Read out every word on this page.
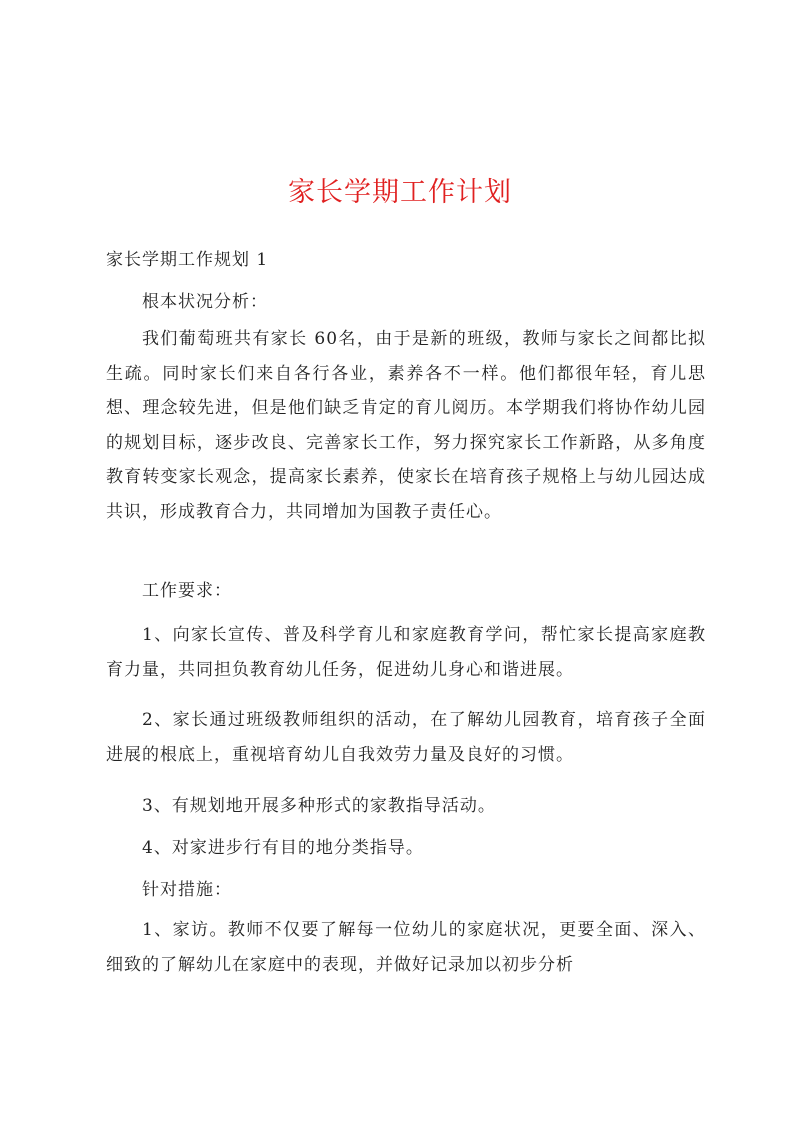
家长学期工作计划
家长学期工作规划 1

根本状况分析：

我们葡萄班共有家长 60名，由于是新的班级，教师与家长之间都比拟生疏。同时家长们来自各行各业，素养各不一样。他们都很年轻，育儿思想、理念较先进，但是他们缺乏肯定的育儿阅历。本学期我们将协作幼儿园的规划目标，逐步改良、完善家长工作，努力探究家长工作新路，从多角度教育转变家长观念，提高家长素养，使家长在培育孩子规格上与幼儿园达成共识，形成教育合力，共同增加为国教子责任心。

工作要求：

1、向家长宣传、普及科学育儿和家庭教育学问，帮忙家长提高家庭教育力量，共同担负教育幼儿任务，促进幼儿身心和谐进展。

2、家长通过班级教师组织的活动，在了解幼儿园教育，培育孩子全面进展的根底上，重视培育幼儿自我效劳力量及良好的习惯。

3、有规划地开展多种形式的家教指导活动。

4、对家进步行有目的地分类指导。

针对措施：

1、家访。教师不仅要了解每一位幼儿的家庭状况，更要全面、深入、细致的了解幼儿在家庭中的表现，并做好记录加以初步分析
